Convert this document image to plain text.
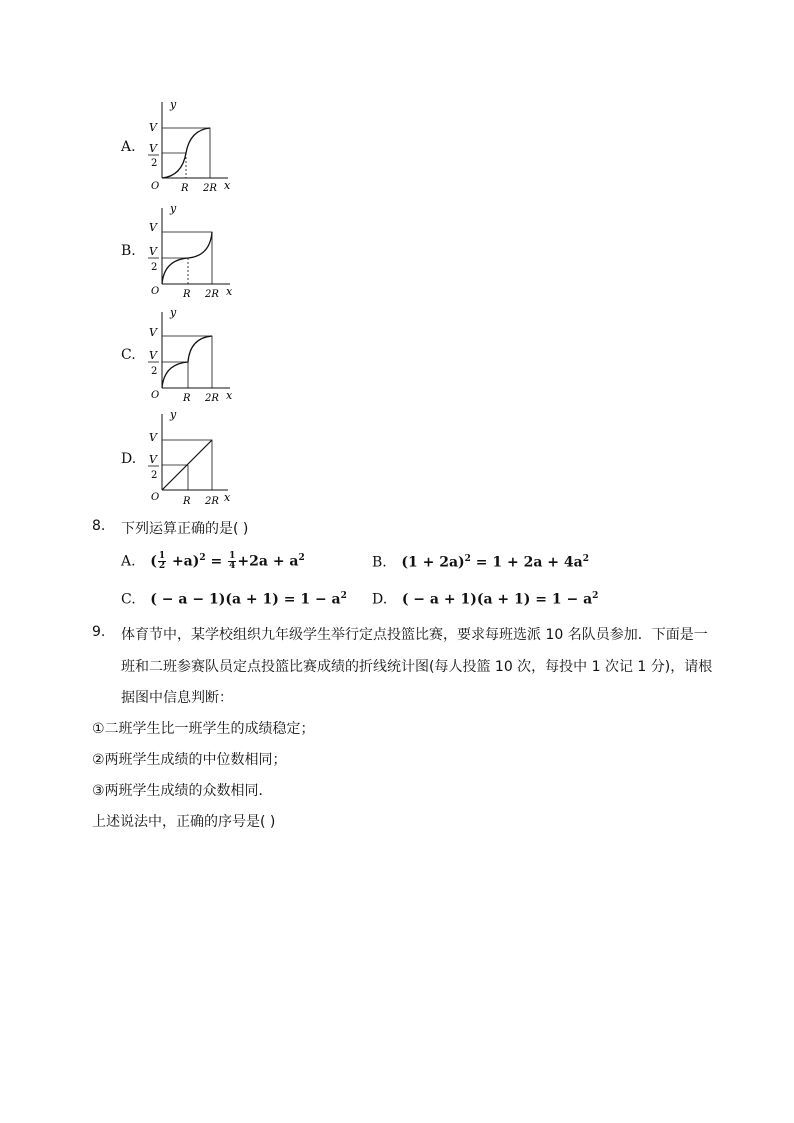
A.
y
x
O
V
V
2
R 2R
B.
y
x
O
V
V
2
R 2R
C.
y
x
O
V
V
2
R 2R
D.
y
x
O
V
V
2
R 2R
8. 下列运算正确的是( )
A. ( $\frac{1}{2} +a)^2 = \frac{1}{4} +2a + a^2$	B. $(1 + 2a)^2 = 1 + 2a + 4a^2$
C. ( − $a - 1)(a + 1) = 1 - a^2$ D. ( − $a + 1)(a + 1) = 1 - a^2$
9. 体育节中，某学校组织九年级学生举行定点投篮比赛，要求每班选派 10 名队员参加．下面是一
班和二班参赛队员定点投篮比赛成绩的折线统计图(每人投篮 10 次，每投中 1 次记 1 分)，请根
据图中信息判断：
①二班学生比一班学生的成绩稳定；
②两班学生成绩的中位数相同；
③两班学生成绩的众数相同．
上述说法中，正确的序号是( )
